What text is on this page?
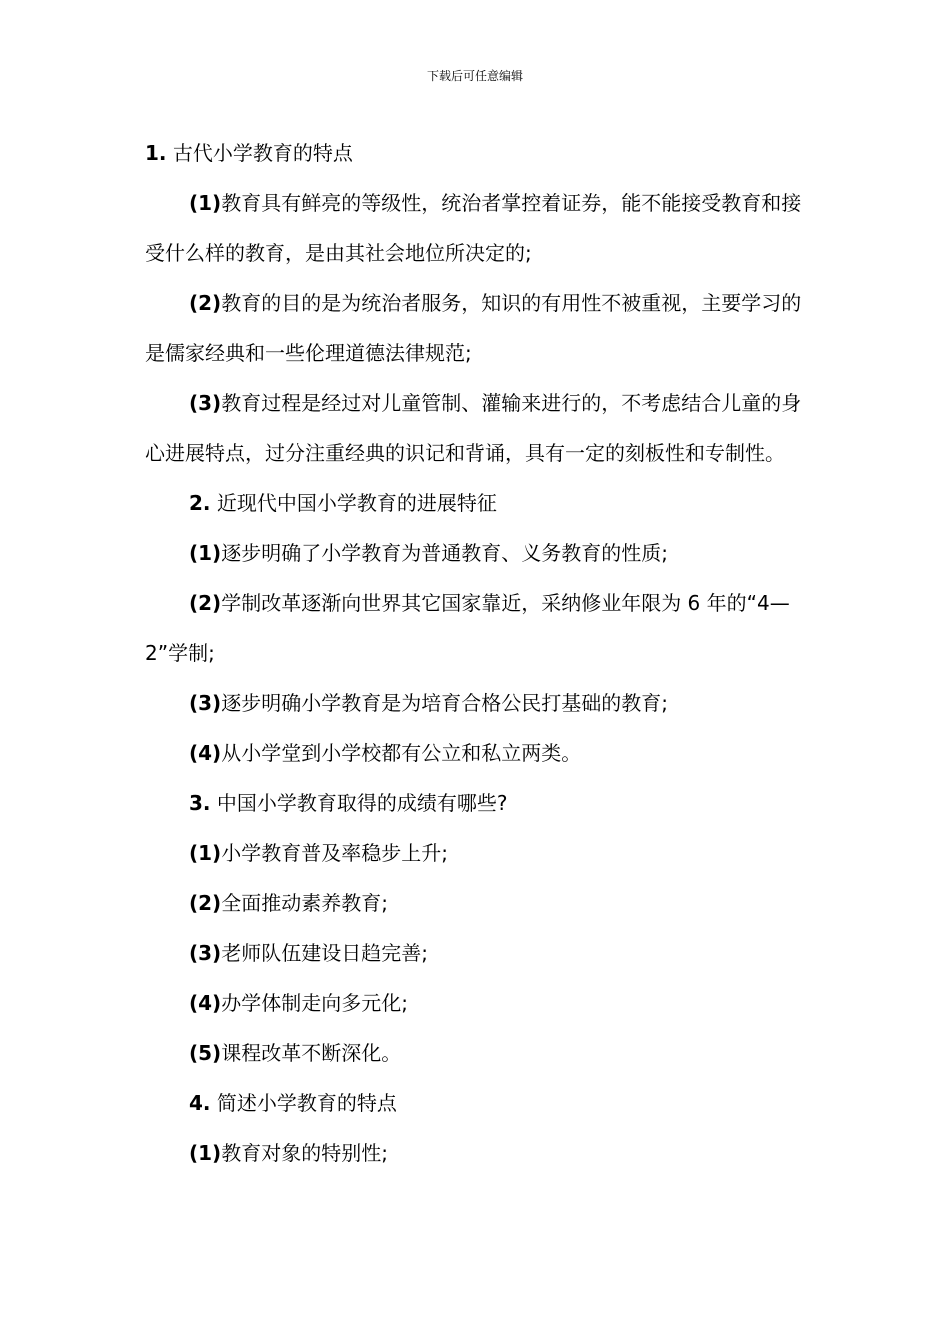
下载后可任意编辑

1. 古代小学教育的特点

(1)教育具有鲜亮的等级性，统治者掌控着证券，能不能接受教育和接受什么样的教育，是由其社会地位所决定的;

(2)教育的目的是为统治者服务，知识的有用性不被重视，主要学习的是儒家经典和一些伦理道德法律规范;

(3)教育过程是经过对儿童管制、灌输来进行的，不考虑结合儿童的身心进展特点，过分注重经典的识记和背诵，具有一定的刻板性和专制性。

2. 近现代中国小学教育的进展特征

(1)逐步明确了小学教育为普通教育、义务教育的性质;

(2)学制改革逐渐向世界其它国家靠近，采纳修业年限为 6 年的“4—2”学制;

(3)逐步明确小学教育是为培育合格公民打基础的教育;

(4)从小学堂到小学校都有公立和私立两类。

3. 中国小学教育取得的成绩有哪些?

(1)小学教育普及率稳步上升;

(2)全面推动素养教育;

(3)老师队伍建设日趋完善;

(4)办学体制走向多元化;

(5)课程改革不断深化。

4. 简述小学教育的特点

(1)教育对象的特别性;
